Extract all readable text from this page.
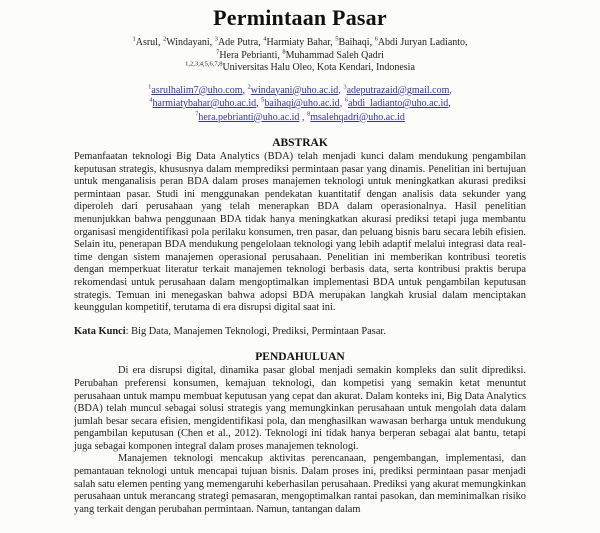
Permintaan Pasar
$^1$Asrul, $^2$Windayani, $^3$Ade Putra, $^4$Harmiaty Bahar, $^5$Baihaqi, $^6$Abdi Juryan Ladianto,
$^7$Hera Pebrianti, $^8$Muhammad Saleh Qadri
$^{1,2,3,4,5,6,7,8}$Universitas Halu Oleo, Kota Kendari, Indonesia
$^1$asrulhalim7@uho.com, $^2$windayani@uho.ac.id, $^3$adeputrazaid@gmail.com,
$^4$harmiatybahar@uho.ac.id, $^5$baihaqi@uho.ac.id, $^6$abdi_ladianto@uho.ac.id,
$^7$hera.pebrianti@uho.ac.id , $^8$msalehqadri@uho.ac.id
ABSTRAK

Pemanfaatan teknologi Big Data Analytics (BDA) telah menjadi kunci dalam mendukung pengambilan keputusan strategis, khususnya dalam memprediksi permintaan pasar yang dinamis. Penelitian ini bertujuan untuk menganalisis peran BDA dalam proses manajemen teknologi untuk meningkatkan akurasi prediksi permintaan pasar. Studi ini menggunakan pendekatan kuantitatif dengan analisis data sekunder yang diperoleh dari perusahaan yang telah menerapkan BDA dalam operasionalnya. Hasil penelitian menunjukkan bahwa penggunaan BDA tidak hanya meningkatkan akurasi prediksi tetapi juga membantu organisasi mengidentifikasi pola perilaku konsumen, tren pasar, dan peluang bisnis baru secara lebih efisien. Selain itu, penerapan BDA mendukung pengelolaan teknologi yang lebih adaptif melalui integrasi data real-time dengan sistem manajemen operasional perusahaan. Penelitian ini memberikan kontribusi teoretis dengan memperkuat literatur terkait manajemen teknologi berbasis data, serta kontribusi praktis berupa rekomendasi untuk perusahaan dalam mengoptimalkan implementasi BDA untuk pengambilan keputusan strategis. Temuan ini menegaskan bahwa adopsi BDA merupakan langkah krusial dalam menciptakan keunggulan kompetitif, terutama di era disrupsi digital saat ini.

Kata Kunci: Big Data, Manajemen Teknologi, Prediksi, Permintaan Pasar.

PENDAHULUAN

Di era disrupsi digital, dinamika pasar global menjadi semakin kompleks dan sulit diprediksi. Perubahan preferensi konsumen, kemajuan teknologi, dan kompetisi yang semakin ketat menuntut perusahaan untuk mampu membuat keputusan yang cepat dan akurat. Dalam konteks ini, Big Data Analytics (BDA) telah muncul sebagai solusi strategis yang memungkinkan perusahaan untuk mengolah data dalam jumlah besar secara efisien, mengidentifikasi pola, dan menghasilkan wawasan berharga untuk mendukung pengambilan keputusan (Chen et al., 2012). Teknologi ini tidak hanya berperan sebagai alat bantu, tetapi juga sebagai komponen integral dalam proses manajemen teknologi.

Manajemen teknologi mencakup aktivitas perencanaan, pengembangan, implementasi, dan pemantauan teknologi untuk mencapai tujuan bisnis. Dalam proses ini, prediksi permintaan pasar menjadi salah satu elemen penting yang memengaruhi keberhasilan perusahaan. Prediksi yang akurat memungkinkan perusahaan untuk merancang strategi pemasaran, mengoptimalkan rantai pasokan, dan meminimalkan risiko yang terkait dengan perubahan permintaan. Namun, tantangan dalam
